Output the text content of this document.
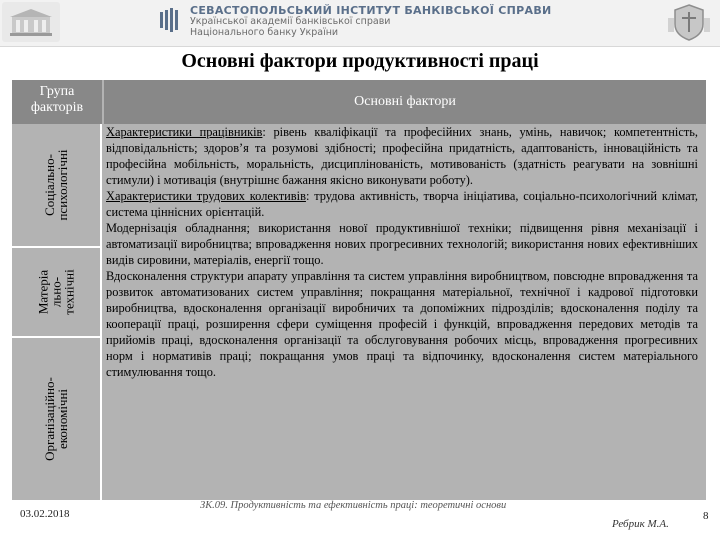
СЕВАСТОПОЛЬСЬКИЙ ІНСТИТУТ БАНКІВСЬКОЇ СПРАВИ
Української академії банківської справи
Національного банку України
Основні фактори продуктивності праці
Група
факторів	Основні фактори
Соціально-
психологічні
Матеріа
льно-
технічні
Організаційно-
економічні

Характеристики працівників: рівень кваліфікації та професійних знань, умінь, навичок; компетентність, відповідальність; здоров’я та розумові здібності; професійна придатність, адаптованість, інноваційність та професійна мобільність, моральність, дисциплінованість, мотивованість (здатність реагувати на зовнішні стимули) і мотивація (внутрішнє бажання якісно виконувати роботу).

Характеристики трудових колективів: трудова активність, творча ініціатива, соціально-психологічний клімат, система ціннісних орієнтацій.

Модернізація обладнання; використання нової продуктивнішої техніки; підвищення рівня механізації і автоматизації виробництва; впровадження нових прогресивних технологій; використання нових ефективніших видів сировини, матеріалів, енергії тощо.

Вдосконалення структури апарату управління та систем управління виробництвом, повсюдне впровадження та розвиток автоматизованих систем управління; покращання матеріальної, технічної і кадрової підготовки виробництва, вдосконалення організації виробничих та допоміжних підрозділів; вдосконалення поділу та кооперації праці, розширення сфери суміщення професій і функцій, впровадження передових методів та прийомів праці, вдосконалення організації та обслуговування робочих місць, впровадження прогресивних норм і нормативів праці; покращання умов праці та відпочинку, вдосконалення систем матеріального стимулювання тощо.

03.02.2018
ЗК.09. Продуктивність та ефективність праці: теоретичні основи
Ребрик М.А.
8
